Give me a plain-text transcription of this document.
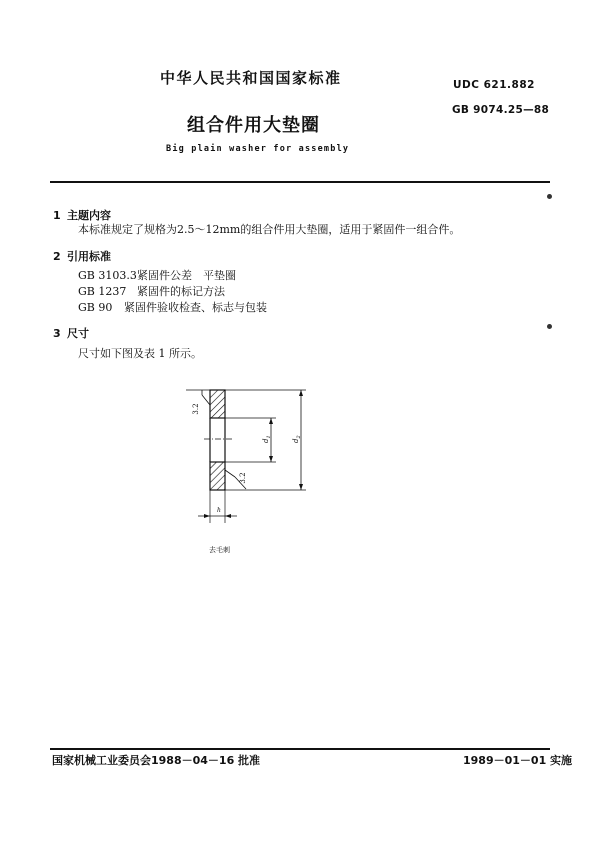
中华人民共和国国家标准	UDC 621.882
GB 9074.25—88
组合件用大垫圈
Big plain washer for assembly
1 主题内容
本标准规定了规格为2.5～12mm的组合件用大垫圈，适用于紧固件一组合件。
2 引用标准
GB 3103.3紧固件公差　平垫圈
GB 1237 紧固件的标记方法
GB 90 紧固件验收检查、标志与包装
3 尺寸
尺寸如下图及表 1 所示。
3.2
3.2
$d_1$
$d_2$
h
去毛刺
国家机械工业委员会1988－04－16 批准	1989－01－01 实施
